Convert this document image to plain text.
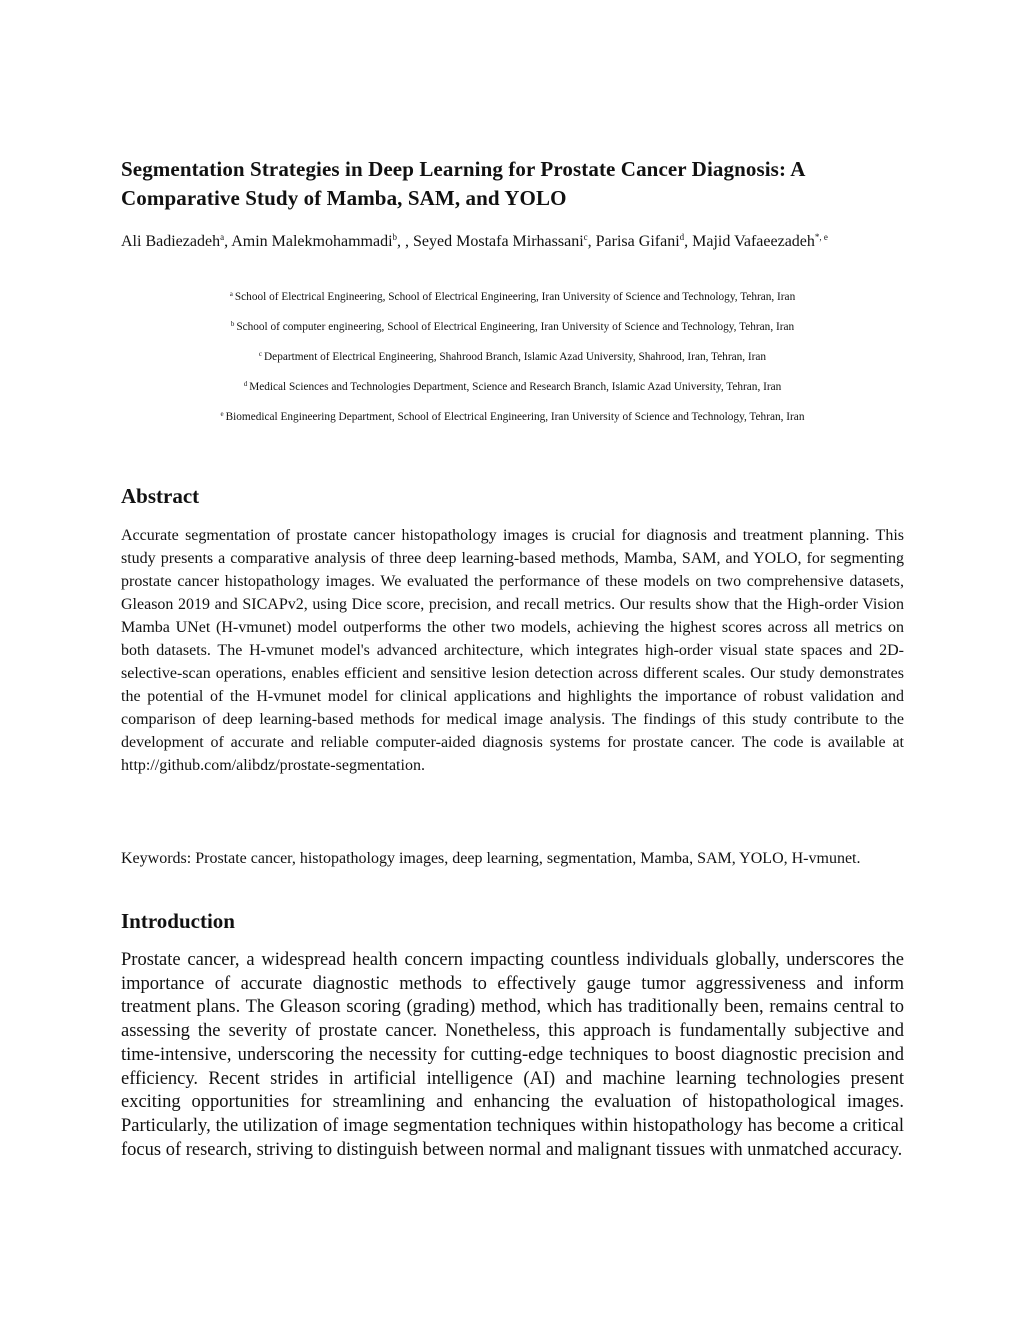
Segmentation Strategies in Deep Learning for Prostate Cancer Diagnosis: A Comparative Study of Mamba, SAM, and YOLO
Ali Badiezadeh$^a$, Amin Malekmohammadi$^b$, , Seyed Mostafa Mirhassani$^c$, Parisa Gifani$^d$, Majid Vafaeezadeh$^{*, e}$
$^a$ School of Electrical Engineering, School of Electrical Engineering, Iran University of Science and Technology, Tehran, Iran
$^b$ School of computer engineering, School of Electrical Engineering, Iran University of Science and Technology, Tehran, Iran
$^c$ Department of Electrical Engineering, Shahrood Branch, Islamic Azad University, Shahrood, Iran, Tehran, Iran
$^d$ Medical Sciences and Technologies Department, Science and Research Branch, Islamic Azad University, Tehran, Iran
$^e$ Biomedical Engineering Department, School of Electrical Engineering, Iran University of Science and Technology, Tehran, Iran
Abstract

Accurate segmentation of prostate cancer histopathology images is crucial for diagnosis and treatment planning. This study presents a comparative analysis of three deep learning-based methods, Mamba, SAM, and YOLO, for segmenting prostate cancer histopathology images. We evaluated the performance of these models on two comprehensive datasets, Gleason 2019 and SICAPv2, using Dice score, precision, and recall metrics. Our results show that the High-order Vision Mamba UNet (H-vmunet) model outperforms the other two models, achieving the highest scores across all metrics on both datasets. The H-vmunet model's advanced architecture, which integrates high-order visual state spaces and 2D-selective-scan operations, enables efficient and sensitive lesion detection across different scales. Our study demonstrates the potential of the H-vmunet model for clinical applications and highlights the importance of robust validation and comparison of deep learning-based methods for medical image analysis. The findings of this study contribute to the development of accurate and reliable computer-aided diagnosis systems for prostate cancer. The code is available at http://github.com/alibdz/prostate-segmentation.

Keywords: Prostate cancer, histopathology images, deep learning, segmentation, Mamba, SAM, YOLO, H-vmunet.

Introduction

Prostate cancer, a widespread health concern impacting countless individuals globally, underscores the importance of accurate diagnostic methods to effectively gauge tumor aggressiveness and inform treatment plans. The Gleason scoring (grading) method, which has traditionally been, remains central to assessing the severity of prostate cancer. Nonetheless, this approach is fundamentally subjective and time-intensive, underscoring the necessity for cutting-edge techniques to boost diagnostic precision and efficiency. Recent strides in artificial intelligence (AI) and machine learning technologies present exciting opportunities for streamlining and enhancing the evaluation of histopathological images. Particularly, the utilization of image segmentation techniques within histopathology has become a critical focus of research, striving to distinguish between normal and malignant tissues with unmatched accuracy.
